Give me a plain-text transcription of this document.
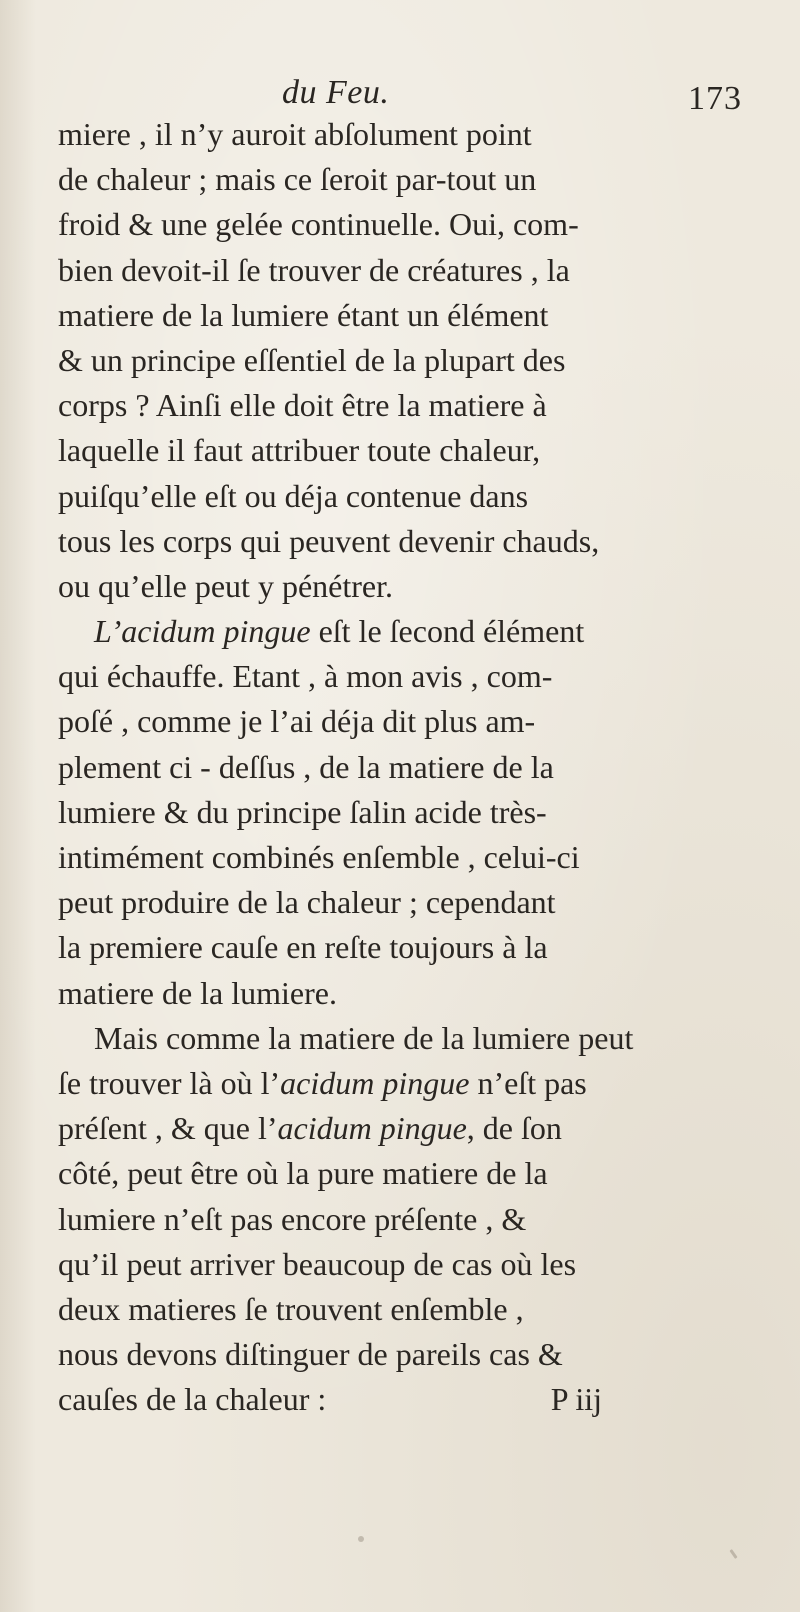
du Feu.	173
miere , il n’y auroit abſolument point
de chaleur ; mais ce ſeroit par-tout un
froid & une gelée continuelle. Oui, com-
bien devoit-il ſe trouver de créatures , la
matiere de la lumiere étant un élément
& un principe eſſentiel de la plupart des
corps ? Ainſi elle doit être la matiere à
laquelle il faut attribuer toute chaleur,
puiſqu’elle eſt ou déja contenue dans
tous les corps qui peuvent devenir chauds,
ou qu’elle peut y pénétrer.
L’acidum pingue eſt le ſecond élément
qui échauffe. Etant , à mon avis , com-
poſé , comme je l’ai déja dit plus am-
plement ci - deſſus , de la matiere de la
lumiere & du principe ſalin acide très-
intimément combinés enſemble , celui-ci
peut produire de la chaleur ; cependant
la premiere cauſe en reſte toujours à la
matiere de la lumiere.
Mais comme la matiere de la lumiere peut
ſe trouver là où l’acidum pingue n’eſt pas
préſent , & que l’acidum pingue, de ſon
côté, peut être où la pure matiere de la
lumiere n’eſt pas encore préſente , &
qu’il peut arriver beaucoup de cas où les
deux matieres ſe trouvent enſemble ,
nous devons diſtinguer de pareils cas &
cauſes de la chaleur :	P iij
